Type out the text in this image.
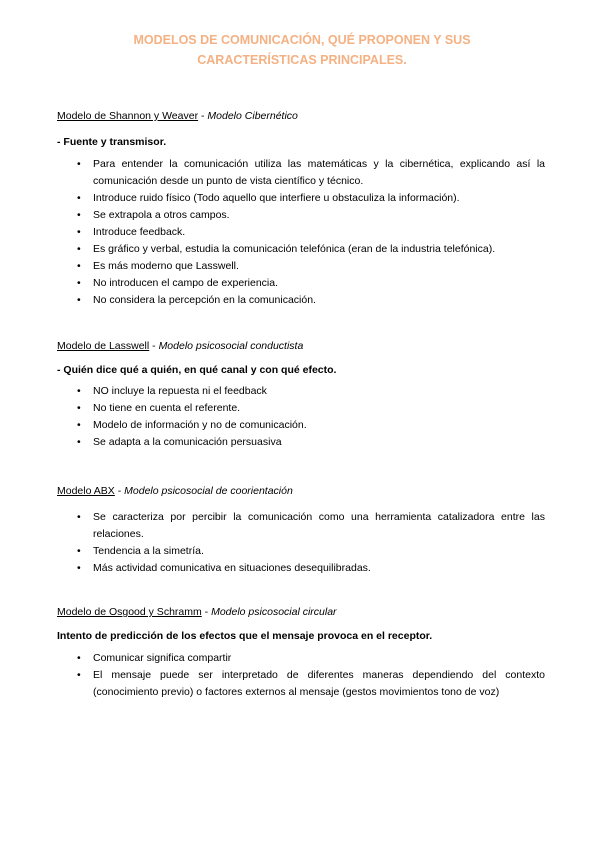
MODELOS DE COMUNICACIÓN, QUÉ PROPONEN Y SUS
CARACTERÍSTICAS PRINCIPALES.

Modelo de Shannon y Weaver - Modelo Cibernético

- Fuente y transmisor.

• Para entender la comunicación utiliza las matemáticas y la cibernética, explicando así la comunicación desde un punto de vista científico y técnico.
• Introduce ruido físico (Todo aquello que interfiere u obstaculiza la información).
• Se extrapola a otros campos.
• Introduce feedback.
• Es gráfico y verbal, estudia la comunicación telefónica (eran de la industria telefónica).
• Es más moderno que Lasswell.
• No introducen el campo de experiencia.
• No considera la percepción en la comunicación.

Modelo de Lasswell - Modelo psicosocial conductista

- Quién dice qué a quién, en qué canal y con qué efecto.

• NO incluye la repuesta ni el feedback
• No tiene en cuenta el referente.
• Modelo de información y no de comunicación.
• Se adapta a la comunicación persuasiva

Modelo ABX - Modelo psicosocial de coorientación

• Se caracteriza por percibir la comunicación como una herramienta catalizadora entre las relaciones.
• Tendencia a la simetría.
• Más actividad comunicativa en situaciones desequilibradas.

Modelo de Osgood y Schramm - Modelo psicosocial circular

Intento de predicción de los efectos que el mensaje provoca en el receptor.

• Comunicar significa compartir
• El mensaje puede ser interpretado de diferentes maneras dependiendo del contexto (conocimiento previo) o factores externos al mensaje (gestos movimientos tono de voz)
